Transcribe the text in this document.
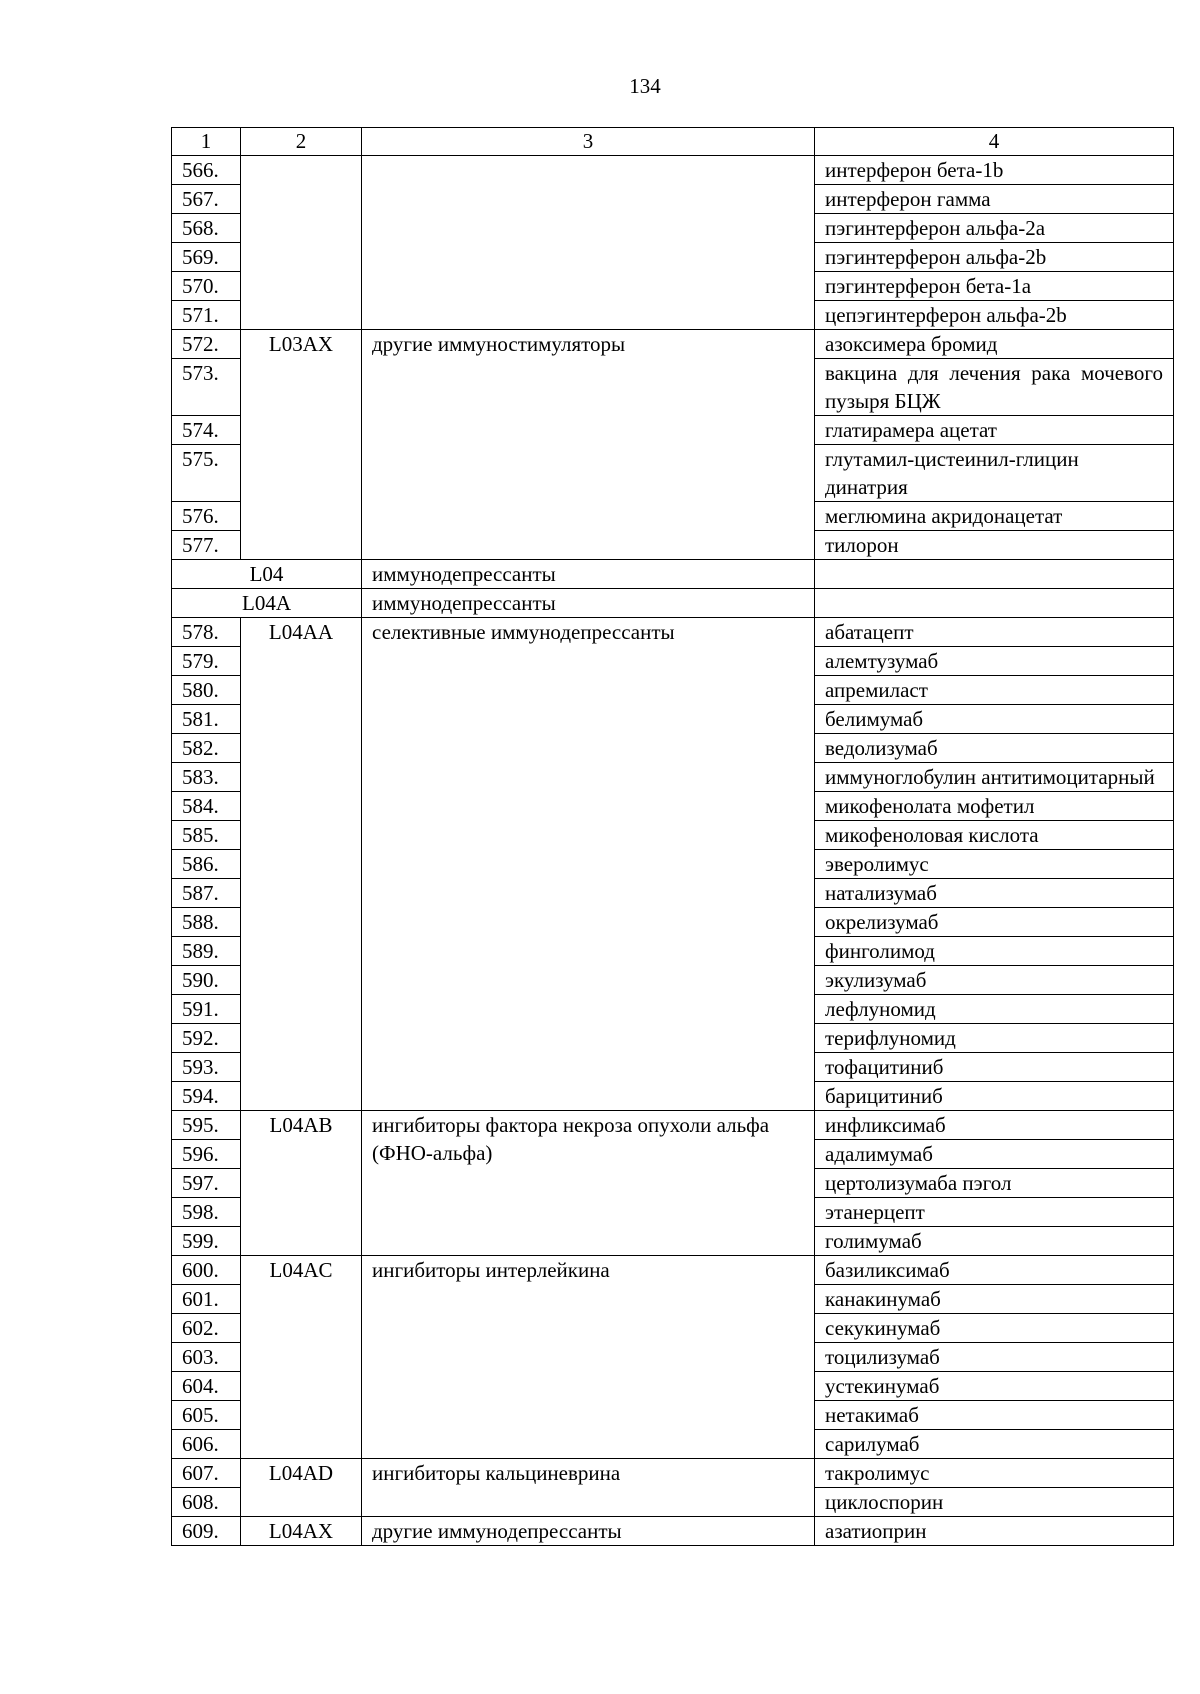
134
1	2	3	4
566.			интерферон бета-1b
567.			интерферон гамма
568.			пэгинтерферон альфа-2a
569.			пэгинтерферон альфа-2b
570.			пэгинтерферон бета-1a
571.			цепэгинтерферон альфа-2b
572.	L03AX	другие иммуностимуляторы	азоксимера бромид
573.			вакцина для лечения рака мочевого пузыря БЦЖ
574.			глатирамера ацетат
575.			глутамил-цистеинил-глицин динатрия
576.			меглюмина акридонацетат
577.			тилорон
L04		иммунодепрессанты	
L04A		иммунодепрессанты	
578.	L04AA	селективные иммунодепрессанты	абатацепт
579.			алемтузумаб
580.			апремиласт
581.			белимумаб
582.			ведолизумаб
583.			иммуноглобулин антитимоцитарный
584.			микофенолата мофетил
585.			микофеноловая кислота
586.			эверолимус
587.			натализумаб
588.			окрелизумаб
589.			финголимод
590.			экулизумаб
591.			лефлуномид
592.			терифлуномид
593.			тофацитиниб
594.			барицитиниб
595.	L04AB	ингибиторы фактора некроза опухоли альфа (ФНО-альфа)	инфликсимаб
596.			адалимумаб
597.			цертолизумаба пэгол
598.			этанерцепт
599.			голимумаб
600.	L04AC	ингибиторы интерлейкина	базиликсимаб
601.			канакинумаб
602.			секукинумаб
603.			тоцилизумаб
604.			устекинумаб
605.			нетакимаб
606.			сарилумаб
607.	L04AD	ингибиторы кальциневрина	такролимус
608.			циклоспорин
609.	L04AX	другие иммунодепрессанты	азатиоприн
